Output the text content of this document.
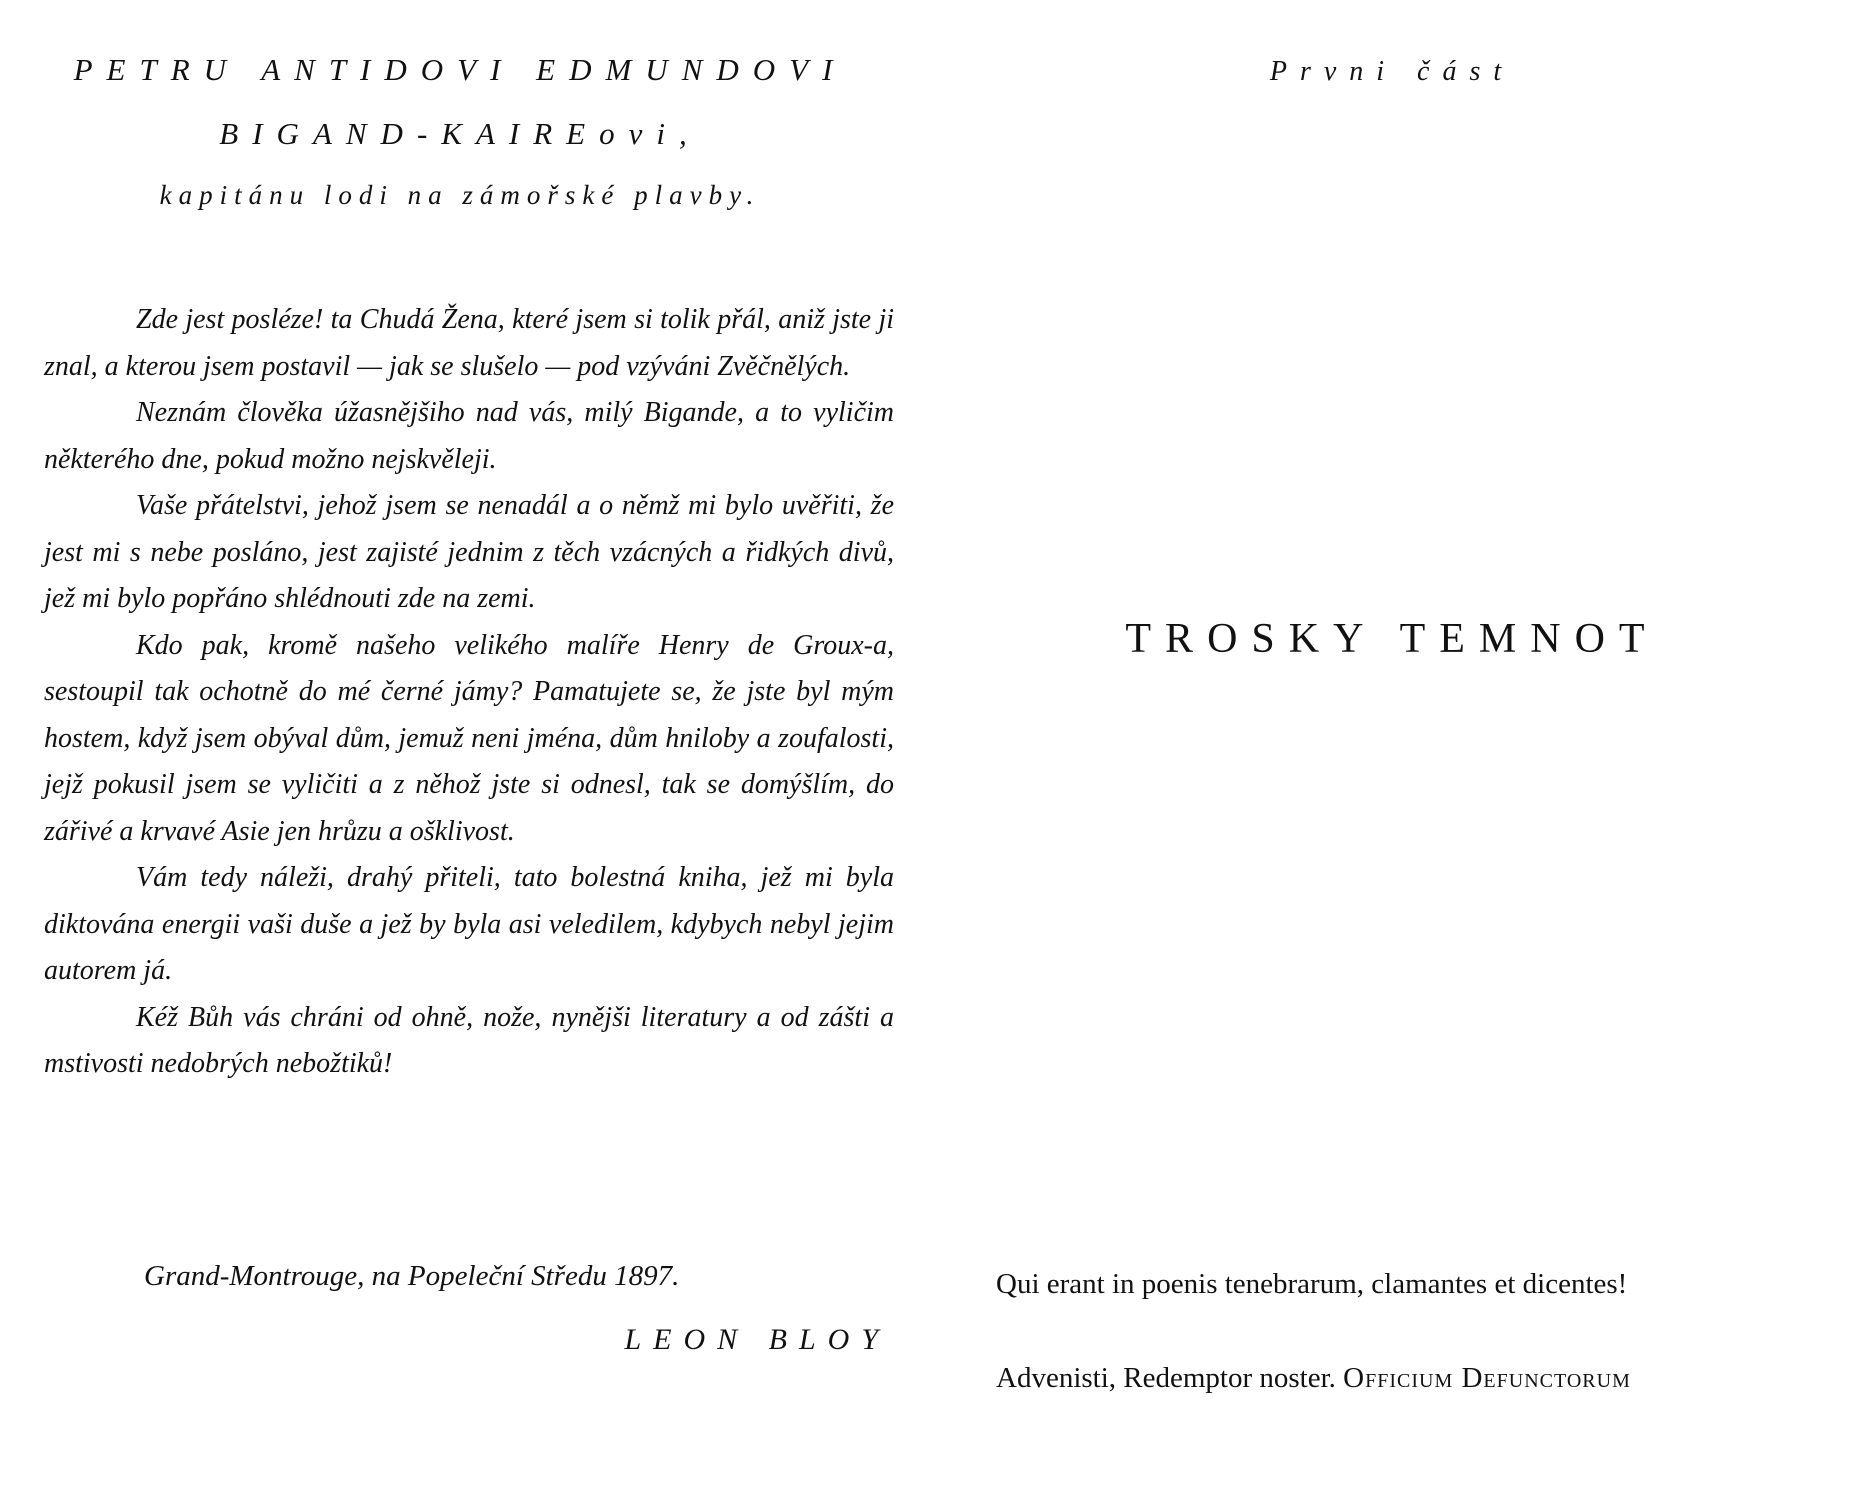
PETRU ANTIDOVI EDMUNDOVI
BIGAND-KAIREovi,
kapitánu lodi na zámořské plavby.

Zde jest posléze! ta Chudá Žena, které jsem si tolik přál, aniž jste ji znal, a kterou jsem postavil — jak se slušelo — pod vzýváni Zvěčnělých.

Neznám člověka úžasnějšiho nad vás, milý Bigande, a to vyličim některého dne, pokud možno nejskvěleji.

Vaše přátelstvi, jehož jsem se nenadál a o němž mi bylo uvěřiti, že jest mi s nebe posláno, jest zajisté jednim z těch vzácných a řidkých divů, jež mi bylo popřáno shlédnouti zde na zemi.

Kdo pak, kromě našeho velikého malíře Henry de Groux-a, sestoupil tak ochotně do mé černé jámy? Pamatujete se, že jste byl mým hostem, když jsem obýval dům, jemuž neni jména, dům hniloby a zoufalosti, jejž pokusil jsem se vyličiti a z něhož jste si odnesl, tak se domýšlím, do zářivé a krvavé Asie jen hrůzu a ošklivost.

Vám tedy náleži, drahý přiteli, tato bolestná kniha, jež mi byla diktována energii vaši duše a jež by byla asi veledilem, kdybych nebyl jejim autorem já.

Kéž Bůh vás chráni od ohně, nože, nynějši literatury a od zášti a mstivosti nedobrých nebožtiků!

Grand-Montrouge, na Popeleční Středu 1897.
LEON BLOY
Prvni část
TROSKY TEMNOT
Qui erant in poenis tenebrarum, clamantes et dicentes!
Advenisti, Redemptor noster. Officium Defunctorum
